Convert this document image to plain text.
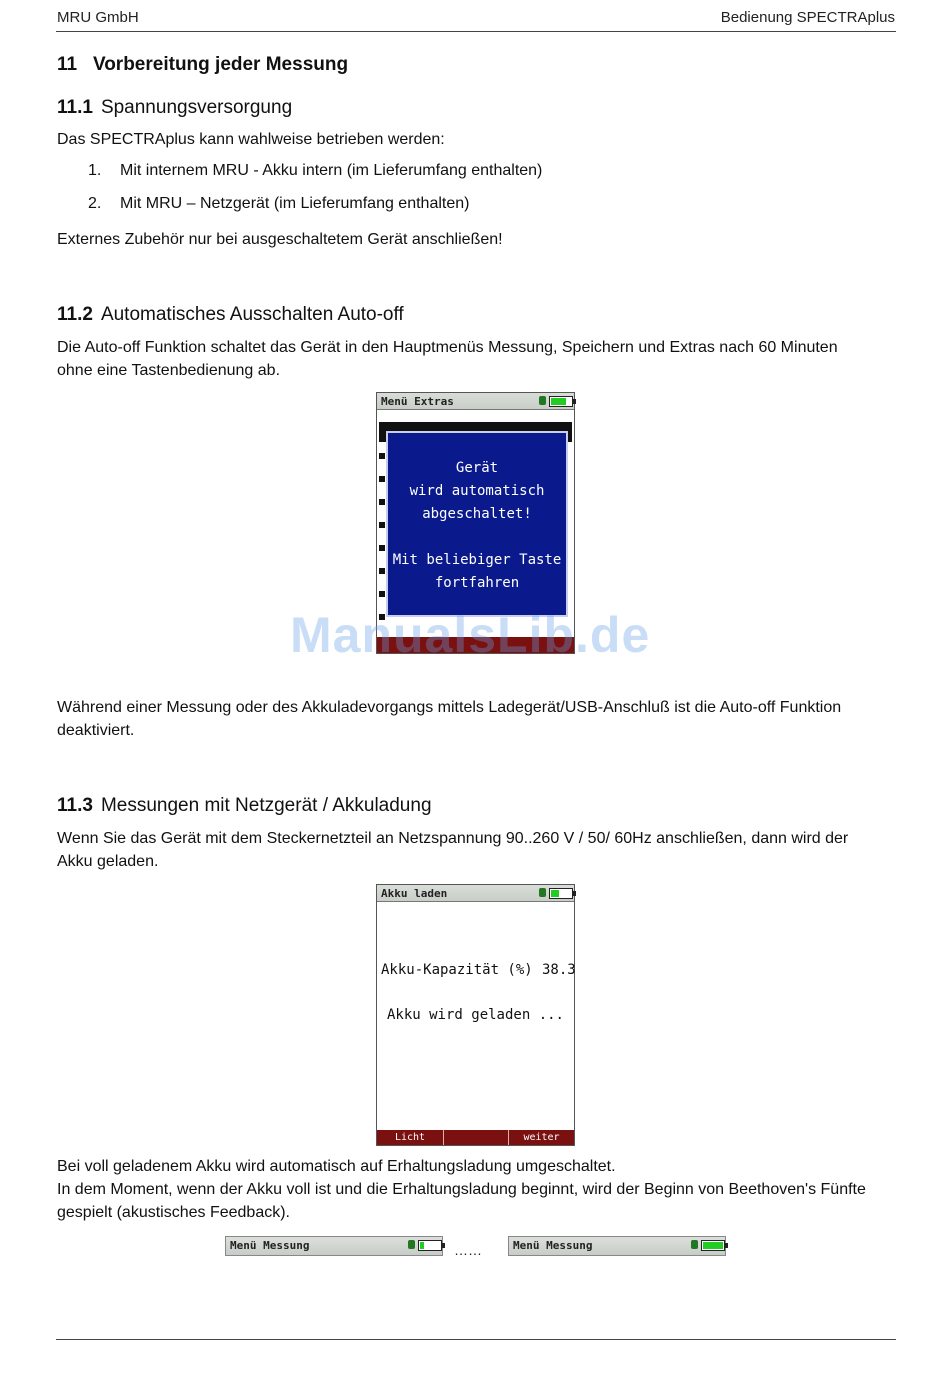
MRU GmbH	Bedienung SPECTRAplus
11 Vorbereitung jeder Messung
11.1 Spannungsversorgung
Das SPECTRAplus kann wahlweise betrieben werden:
1. Mit internem MRU - Akku intern (im Lieferumfang enthalten)
2. Mit MRU – Netzgerät (im Lieferumfang enthalten)
Externes Zubehör nur bei ausgeschaltetem Gerät anschließen!
11.2 Automatisches Ausschalten Auto-off
Die Auto-off Funktion schaltet das Gerät in den Hauptmenüs Messung, Speichern und Extras nach 60 Minuten
ohne eine Tastenbedienung ab.
Menü Extras
Gerät
wird automatisch
abgeschaltet!
Mit beliebiger Taste
fortfahren
ManualsLib.de
Während einer Messung oder des Akkuladevorgangs mittels Ladegerät/USB-Anschluß ist die Auto-off Funktion
deaktiviert.
11.3 Messungen mit Netzgerät / Akkuladung
Wenn Sie das Gerät mit dem Steckernetzteil an Netzspannung 90..260 V / 50/ 60Hz anschließen, dann wird der
Akku geladen.
Akku laden
Akku-Kapazität (%) 38.3
Akku wird geladen ...
Licht	weiter
Bei voll geladenem Akku wird automatisch auf Erhaltungsladung umgeschaltet.
In dem Moment, wenn der Akku voll ist und die Erhaltungsladung beginnt, wird der Beginn von Beethoven's Fünfte
gespielt (akustisches Feedback).
Menü Messung	……	Menü Messung
